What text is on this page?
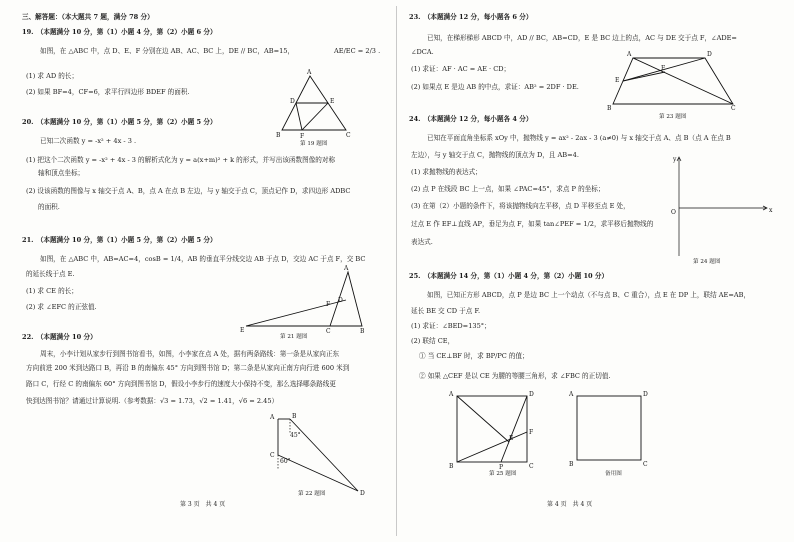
三、解答题：（本大题共 7 题，满分 78 分）
19.　（本题满分 10 分，第（1）小题 4 分，第（2）小题 6 分）
如图，在 △ABC 中，点 D、E、F 分别在边 AB、AC、BC 上，DE // BC，AB=15，	AE/EC = 2/3 .
(1) 求 AD 的长；
(2) 如果 BF=4，CF=6，求平行四边形 BDEF 的面积.
A
D	E
B	F	C
第 19 题图
20.　（本题满分 10 分，第（1）小题 5 分，第（2）小题 5 分）
已知二次函数 y = -x² + 4x - 3 .
(1) 把这个二次函数 y = -x² + 4x - 3 的解析式化为 y = a(x+m)² + k 的形式，并写出该函数图像的对称
轴和顶点坐标；
(2) 设该函数的图像与 x 轴交于点 A、B，点 A 在点 B 左边，与 y 轴交于点 C，顶点记作 D，求四边形 ADBC
的面积.
21.　（本题满分 10 分，第（1）小题 5 分，第（2）小题 5 分）
如图，在 △ABC 中，AB=AC=4，cosB = 1/4，AB 的垂直平分线交边 AB 于点 D，交边 AC 于点 F，交 BC
的延长线于点 E.
(1) 求 CE 的长；
(2) 求 ∠EFC 的正弦值.
A
D
F
E	C	B
第 21 题图
22.　（本题满分 10 分）
周末，小李计划从家步行到图书馆看书，如图，小李家在点 A 处，据有两条路线：第一条是从家向正东
方向前进 200 米到达路口 B，再沿 B 的南偏东 45° 方向到图书馆 D；第二条是从家向正南方向行进 600 米到
路口 C，行经 C 的南偏东 60° 方向到图书馆 D，假设小李步行的速度大小保持不变，那么选择哪条路线更
快到达图书馆？请通过计算说明.（参考数据：√3 = 1.73，√2 = 1.41，√6 = 2.45）
A	B
C
D
45°
60°
第 22 题图
第 3 页　共 4 页
23.　（本题满分 12 分，每小题各 6 分）
已知，在梯形梯形 ABCD 中，AD // BC，AB=CD，E 是 BC 边上的点，AC 与 DE 交于点 F，∠ADE=
∠DCA.
(1) 求证：AF · AC = AE · CD；
(2) 如果点 E 是边 AB 的中点，求证：AB² = 2DF · DE.
A	D
E
F
B	C
第 23 题图
24.　（本题满分 12 分，每小题各 4 分）
已知在平面直角坐标系 xOy 中，抛物线 y = ax² - 2ax - 3 (a≠0) 与 x 轴交于点 A、点 B（点 A 在点 B
左边），与 y 轴交于点 C，抛物线的顶点为 D，且 AB=4.
(1) 求抛物线的表达式；
(2) 点 P 在线段 BC 上一点，如果 ∠PAC=45°，求点 P 的坐标；
(3) 在第（2）小题的条件下，将该抛物线向左平移，点 D 平移至点 E 处，
过点 E 作 EF⊥直线 AP，垂足为点 F，如果 tan∠PEF = 1/2，求平移后抛物线的
表达式.
y
O	x
第 24 题图
25.　（本题满分 14 分，第（1）小题 4 分，第（2）小题 10 分）
如图，已知正方形 ABCD，点 P 是边 BC 上一个动点（不与点 B、C 重合），点 E 在 DP 上，联结 AE=AB，
延长 BE 交 CD 于点 F.
(1) 求证：∠BED=135°；
(2) 联结 CE，
① 当 CE⊥BF 时，求 BP/PC 的值；
② 如果 △CEF 是以 CE 为腰的等腰三角形，求 ∠FBC 的正切值.
A	D
F
E
B	P	C
第 25 题图
A	D
B	C
备用图
第 4 页　共 4 页
